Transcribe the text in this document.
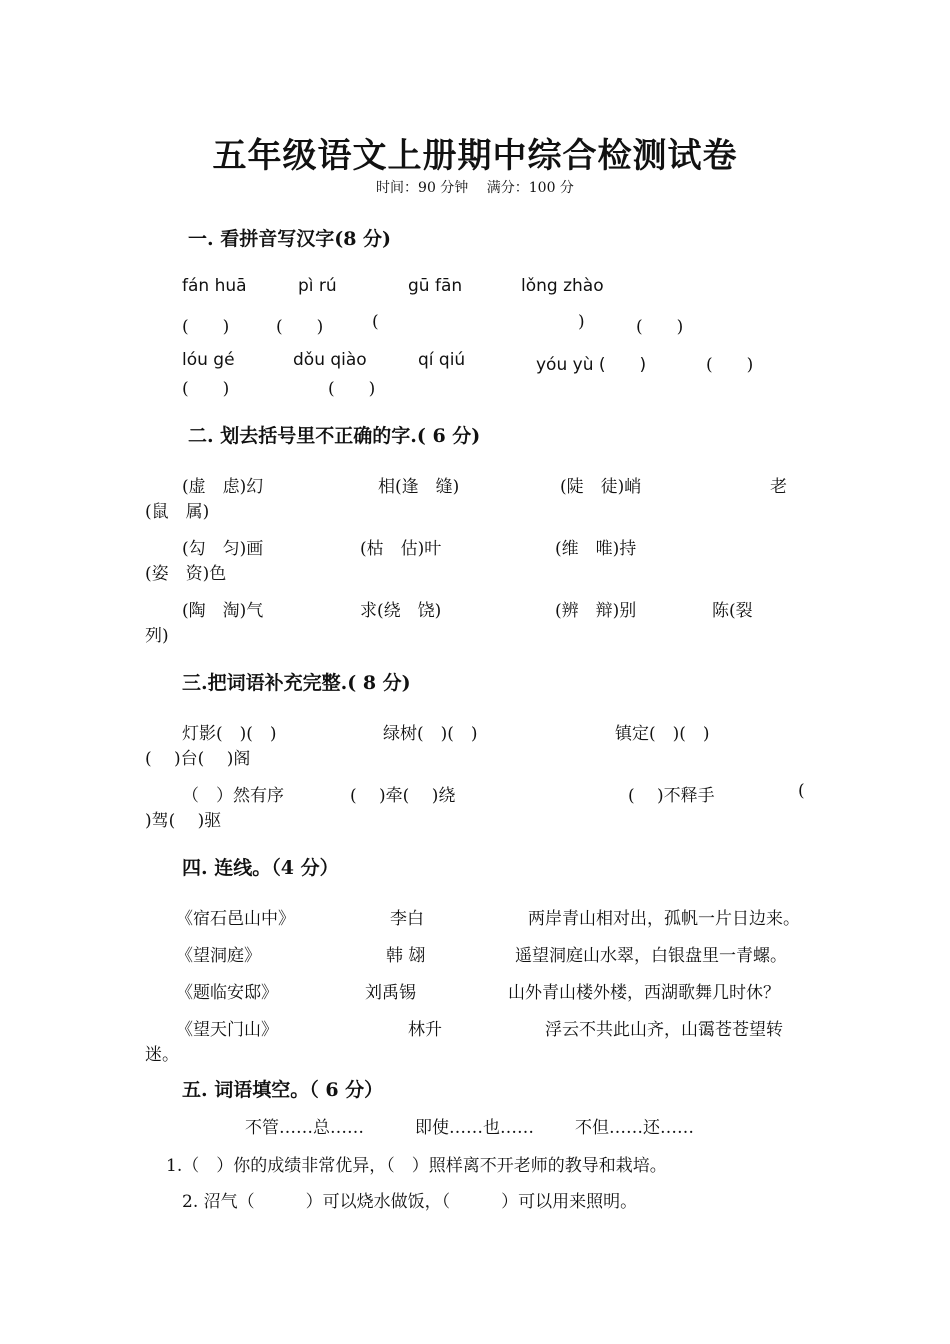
五年级语文上册期中综合检测试卷
时间：90 分钟　 满分：100 分
一. 看拼音写汉字(8 分)
fán huā	pì rú	gū fān	lǒng zhào
(　　)	(　　)	(	)	(　　)
lóu gé	dǒu qiào	qí qiú	yóu yù (　　)	(　　)
(　　)	(　　)
二. 划去括号里不正确的字.( 6 分)
(虚　虑)幻	相(逢　缝)	(陡　徒)峭	老
(鼠　属)
(勾　匀)画	(枯　估)叶	(维　唯)持
(姿　资)色
(陶　淘)气	求(绕　饶)	(辨　辩)别	陈(裂
列)
三.把词语补充完整.( 8 分)
灯影(　)(　)	绿树(　)(　)	镇定(　)(　)
(　 )台(　 )阁
（　）然有序	(　 )牵(　 )绕	(　 )不释手	(
)驾(　 )驱
四. 连线。（4 分）
《宿石邑山中》	李白	两岸青山相对出，孤帆一片日边来。
《望洞庭》	韩 翃	遥望洞庭山水翠，白银盘里一青螺。
《题临安邸》	刘禹锡	山外青山楼外楼，西湖歌舞几时休？
《望天门山》	林升	浮云不共此山齐，山霭苍苍望转
迷。
五. 词语填空。（ 6 分）
不管……总……	即使……也…… 不但……还……
1.（　）你的成绩非常优异，（　）照样离不开老师的教导和栽培。
2. 沼气（　　　）可以烧水做饭，（　　　）可以用来照明。
